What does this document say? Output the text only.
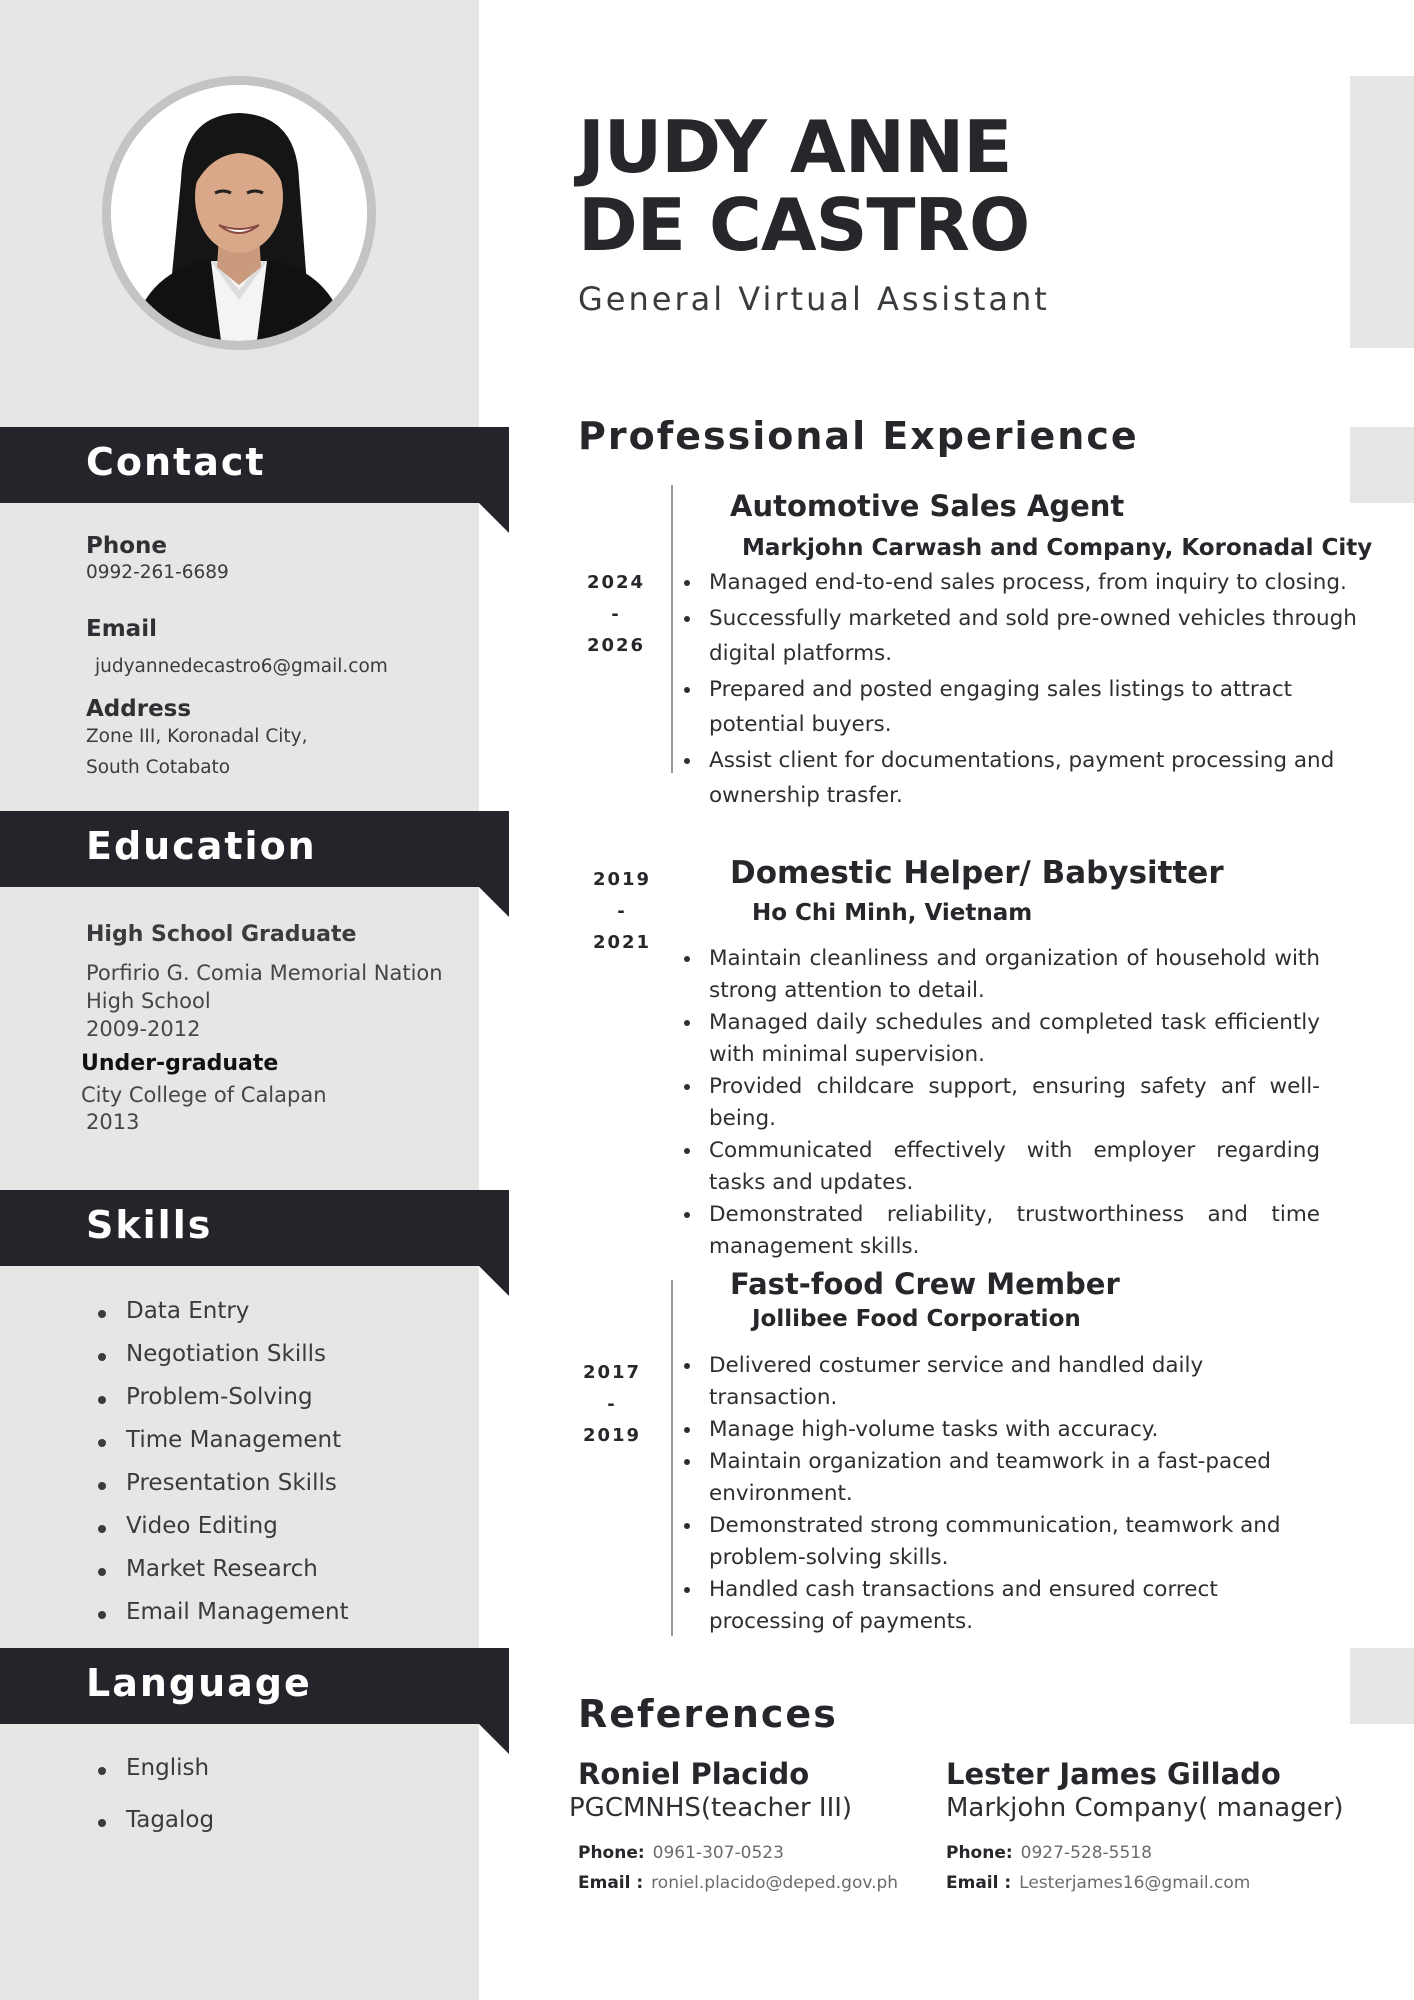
Contact
Phone
0992-261-6689
Email
judyannedecastro6@gmail.com
Address
Zone III, Koronadal City,
South Cotabato
Education
High School Graduate
Porfirio G. Comia Memorial Nation
High School
2009-2012
Under-graduate
City College of Calapan
2013
Skills
Data Entry
Negotiation Skills
Problem-Solving
Time Management
Presentation Skills
Video Editing
Market Research
Email Management
Language
English
Tagalog
JUDY ANNE
DE CASTRO
General Virtual Assistant
Professional Experience
2024
-
2026
Automotive Sales Agent
Markjohn Carwash and Company, Koronadal City
Managed end-to-end sales process, from inquiry to closing.
Successfully marketed and sold pre-owned vehicles through digital platforms.
Prepared and posted engaging sales listings to attract potential buyers.
Assist client for documentations, payment processing and ownership trasfer.
2019
-
2021
Domestic Helper/ Babysitter
Ho Chi Minh, Vietnam
Maintain cleanliness and organization of household with strong attention to detail.
Managed daily schedules and completed task efficiently with minimal supervision.
Provided childcare support, ensuring safety anf well-being.
Communicated effectively with employer regarding tasks and updates.
Demonstrated reliability, trustworthiness and time management skills.
2017
-
2019
Fast-food Crew Member
Jollibee Food Corporation
Delivered costumer service and handled daily transaction.
Manage high-volume tasks with accuracy.
Maintain organization and teamwork in a fast-paced environment.
Demonstrated strong communication, teamwork and problem-solving skills.
Handled cash transactions and ensured correct processing of payments.
References
Roniel Placido
PGCMNHS(teacher III)
Phone: 0961-307-0523
Email : roniel.placido@deped.gov.ph
Lester James Gillado
Markjohn Company( manager)
Phone: 0927-528-5518
Email : Lesterjames16@gmail.com
